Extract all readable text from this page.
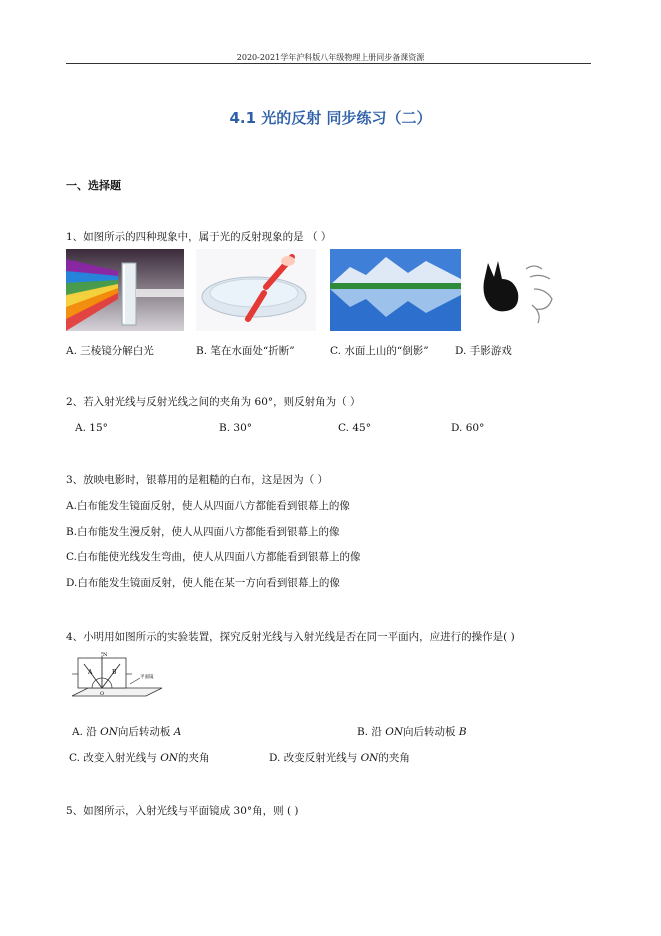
2020-2021学年沪科版八年级物理上册同步备课资源
4.1 光的反射 同步练习（二）
一、选择题
1、如图所示的四种现象中，属于光的反射现象的是 （ ）
A. 三棱镜分解白光	B. 笔在水面处“折断”	C. 水面上山的“倒影”	D. 手影游戏
2、若入射光线与反射光线之间的夹角为 60°，则反射角为（ ）
A. 15°	B. 30°	C. 45°	D. 60°
3、放映电影时，银幕用的是粗糙的白布，这是因为（ ）
A.白布能发生镜面反射，使人从四面八方都能看到银幕上的像
B.白布能发生漫反射，使人从四面八方都能看到银幕上的像
C.白布能使光线发生弯曲，使人从四面八方都能看到银幕上的像
D.白布能发生镜面反射，使人能在某一方向看到银幕上的像
4、小明用如图所示的实验装置，探究反射光线与入射光线是否在同一平面内，应进行的操作是( )
N
A	B
O
平面镜
A. 沿 ON向后转动板 A	B. 沿 ON向后转动板 B
C. 改变入射光线与 ON的夹角	D. 改变反射光线与 ON的夹角
5、如图所示，入射光线与平面镜成 30°角，则 ( )
